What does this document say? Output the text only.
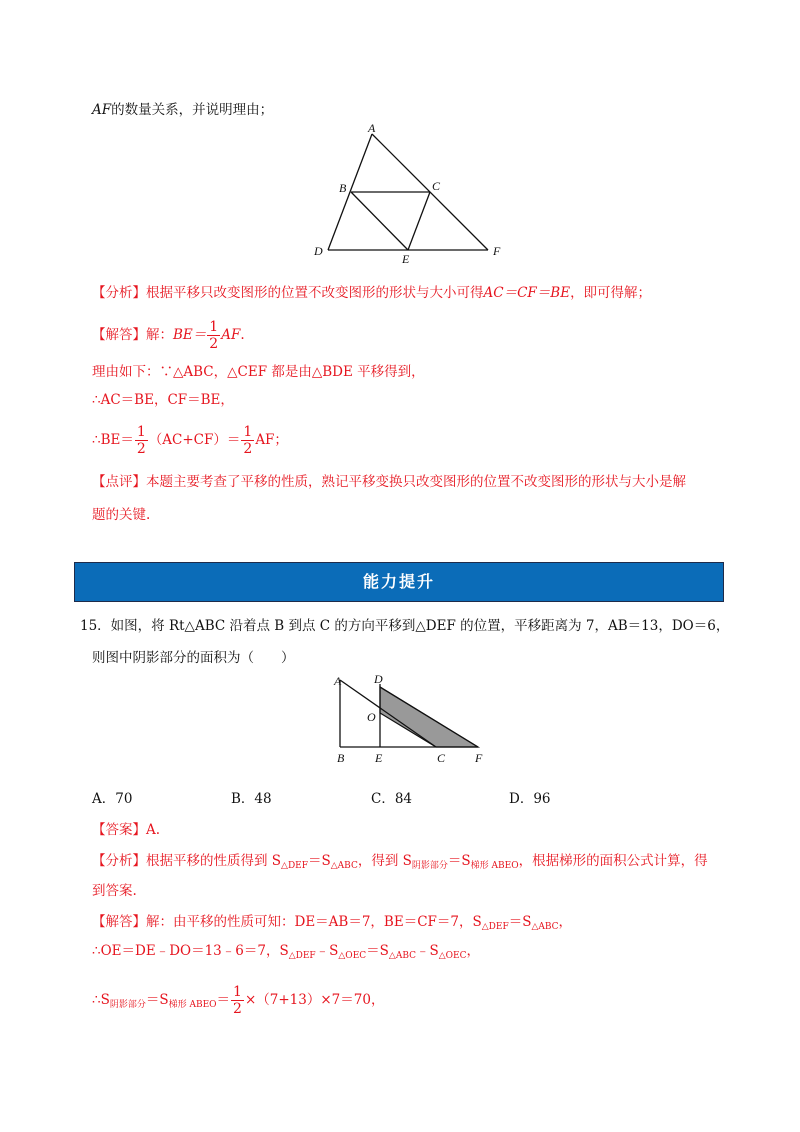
AF的数量关系，并说明理由；
A
B	C
D
E
F
【分析】根据平移只改变图形的位置不改变图形的形状与大小可得AC＝CF＝BE，即可得解；
【解答】解：$BE= \frac{1}{2}$ AF.
理由如下：∵△ABC，△CEF 都是由△BDE 平移得到，
∴AC＝BE，CF＝BE，
∴BE＝ $\frac{1}{2} (AC+CF)= \frac{1}{2}$ AF；
【点评】本题主要考查了平移的性质，熟记平移变换只改变图形的位置不改变图形的形状与大小是解
题的关键.
能力提升
15．如图，将 Rt△ABC 沿着点 B 到点 C 的方向平移到△DEF 的位置，平移距离为 7，AB＝13，DO＝6，
则图中阴影部分的面积为（　　）
A	D
O
B	E	C F
A．70	B．48	C．84	D．96
【答案】A.
【分析】根据平移的性质得到 $S_{\triangle DEF}=S_{\triangle ABC}$，得到 $S_{阴影部分}=S_{梯形 ABEO}$，根据梯形的面积公式计算，得
到答案.
【解答】解：由平移的性质可知：DE＝AB＝7，BE＝CF＝7，$S_{\triangle DEF}=S_{\triangle ABC}$，
∴OE＝DE﹣DO＝13﹣6＝7，$S_{\triangle DEF}﹣S_{\triangle OEC}=S_{\triangle ABC}﹣S_{\triangle OEC}$，
$\therefore S_{阴影部分}=S_{梯形 ABEO}= \frac{1}{2} \times(7+13)\times 7=70$，
